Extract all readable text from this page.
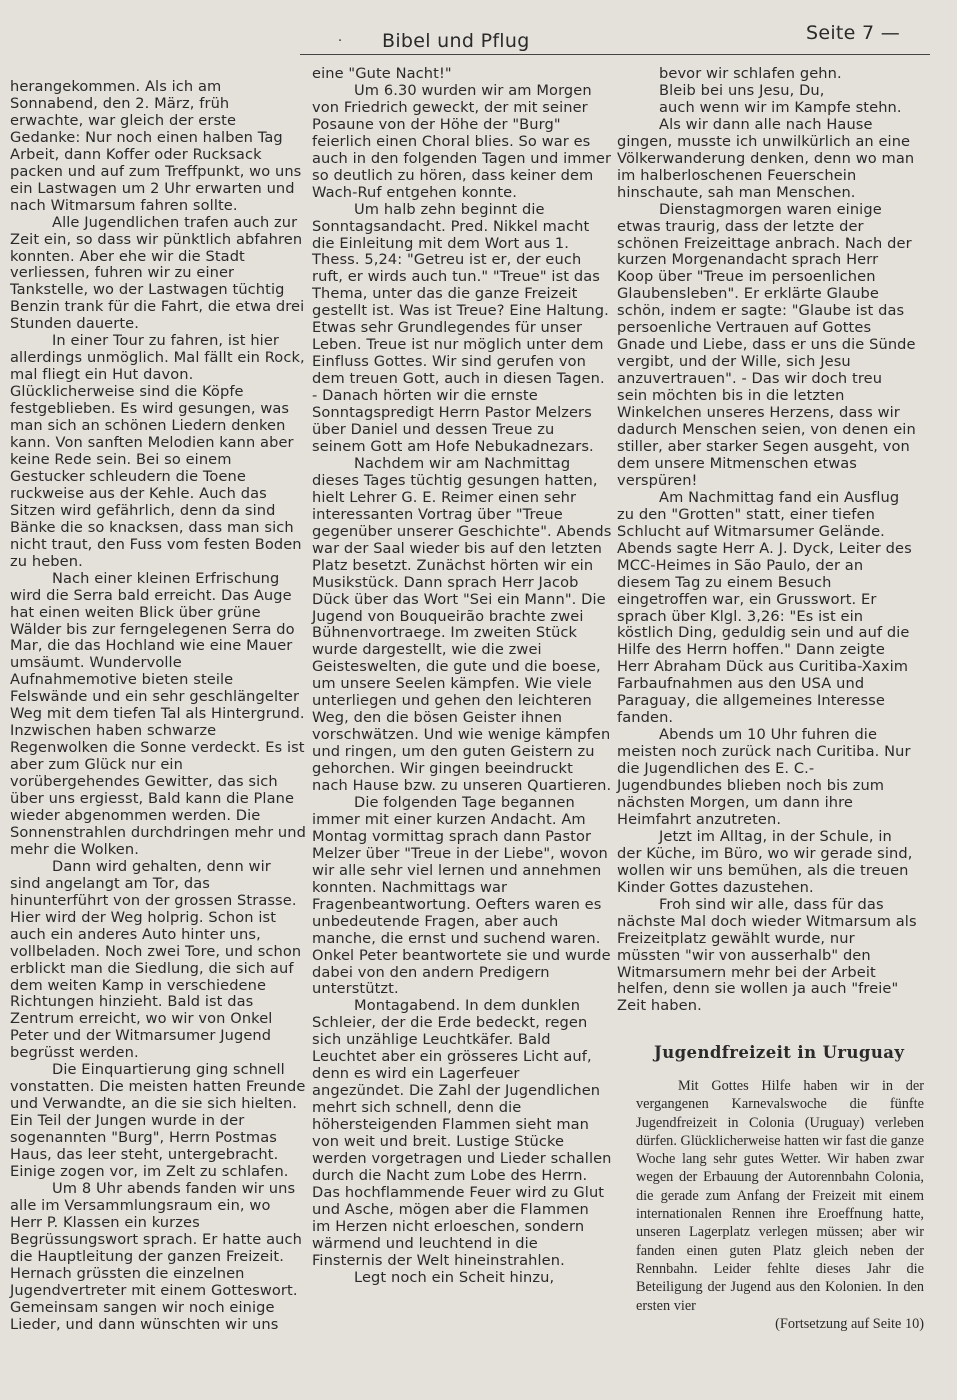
· Bibel und Pflug	Seite 7 —

herangekommen. Als ich am Sonnabend, den 2. März, früh erwachte, war gleich der erste Gedanke: Nur noch einen halben Tag Arbeit, dann Koffer oder Rucksack packen und auf zum Treffpunkt, wo uns ein Lastwagen um 2 Uhr erwarten und nach Witmarsum fahren sollte.

Alle Jugendlichen trafen auch zur Zeit ein, so dass wir pünktlich abfahren konnten. Aber ehe wir die Stadt verliessen, fuhren wir zu einer Tankstelle, wo der Lastwagen tüchtig Benzin trank für die Fahrt, die etwa drei Stunden dauerte.

In einer Tour zu fahren, ist hier allerdings unmöglich. Mal fällt ein Rock, mal fliegt ein Hut davon. Glücklicherweise sind die Köpfe festgeblieben. Es wird gesungen, was man sich an schönen Liedern denken kann. Von sanften Melodien kann aber keine Rede sein. Bei so einem Gestucker schleudern die Toene ruckweise aus der Kehle. Auch das Sitzen wird gefährlich, denn da sind Bänke die so knacksen, dass man sich nicht traut, den Fuss vom festen Boden zu heben.

Nach einer kleinen Erfrischung wird die Serra bald erreicht. Das Auge hat einen weiten Blick über grüne Wälder bis zur ferngelegenen Serra do Mar, die das Hochland wie eine Mauer umsäumt. Wundervolle Aufnahmemotive bieten steile Felswände und ein sehr geschlängelter Weg mit dem tiefen Tal als Hintergrund. Inzwischen haben schwarze Regenwolken die Sonne verdeckt. Es ist aber zum Glück nur ein vorübergehendes Gewitter, das sich über uns ergiesst, Bald kann die Plane wieder abgenommen werden. Die Sonnenstrahlen durchdringen mehr und mehr die Wolken.

Dann wird gehalten, denn wir sind angelangt am Tor, das hinunterführt von der grossen Strasse. Hier wird der Weg holprig. Schon ist auch ein anderes Auto hinter uns, vollbeladen. Noch zwei Tore, und schon erblickt man die Siedlung, die sich auf dem weiten Kamp in verschiedene Richtungen hinzieht. Bald ist das Zentrum erreicht, wo wir von Onkel Peter und der Witmarsumer Jugend begrüsst werden.

Die Einquartierung ging schnell vonstatten. Die meisten hatten Freunde und Verwandte, an die sie sich hielten. Ein Teil der Jungen wurde in der sogenannten "Burg", Herrn Postmas Haus, das leer steht, untergebracht. Einige zogen vor, im Zelt zu schlafen.

Um 8 Uhr abends fanden wir uns alle im Versammlungsraum ein, wo Herr P. Klassen ein kurzes Begrüssungswort sprach. Er hatte auch die Hauptleitung der ganzen Freizeit. Hernach grüssten die einzelnen Jugendvertreter mit einem Gotteswort. Gemeinsam sangen wir noch einige Lieder, und dann wünschten wir uns

eine "Gute Nacht!"

Um 6.30 wurden wir am Morgen von Friedrich geweckt, der mit seiner Posaune von der Höhe der "Burg" feierlich einen Choral blies. So war es auch in den folgenden Tagen und immer so deutlich zu hören, dass keiner dem Wach-Ruf entgehen konnte.

Um halb zehn beginnt die Sonntagsandacht. Pred. Nikkel macht die Einleitung mit dem Wort aus 1. Thess. 5,24: "Getreu ist er, der euch ruft, er wirds auch tun." "Treue" ist das Thema, unter das die ganze Freizeit gestellt ist. Was ist Treue? Eine Haltung. Etwas sehr Grundlegendes für unser Leben. Treue ist nur möglich unter dem Einfluss Gottes. Wir sind gerufen von dem treuen Gott, auch in diesen Tagen. - Danach hörten wir die ernste Sonntagspredigt Herrn Pastor Melzers über Daniel und dessen Treue zu seinem Gott am Hofe Nebukadnezars.

Nachdem wir am Nachmittag dieses Tages tüchtig gesungen hatten, hielt Lehrer G. E. Reimer einen sehr interessanten Vortrag über "Treue gegenüber unserer Geschichte". Abends war der Saal wieder bis auf den letzten Platz besetzt. Zunächst hörten wir ein Musikstück. Dann sprach Herr Jacob Dück über das Wort "Sei ein Mann". Die Jugend von Bouqueirão brachte zwei Bühnenvortraege. Im zweiten Stück wurde dargestellt, wie die zwei Geisteswelten, die gute und die boese, um unsere Seelen kämpfen. Wie viele unterliegen und gehen den leichteren Weg, den die bösen Geister ihnen vorschwätzen. Und wie wenige kämpfen und ringen, um den guten Geistern zu gehorchen. Wir gingen beeindruckt nach Hause bzw. zu unseren Quartieren.

Die folgenden Tage begannen immer mit einer kurzen Andacht. Am Montag vormittag sprach dann Pastor Melzer über "Treue in der Liebe", wovon wir alle sehr viel lernen und annehmen konnten. Nachmittags war Fragenbeantwortung. Oefters waren es unbedeutende Fragen, aber auch manche, die ernst und suchend waren. Onkel Peter beantwortete sie und wurde dabei von den andern Predigern unterstützt.

Montagabend. In dem dunklen Schleier, der die Erde bedeckt, regen sich unzählige Leuchtkäfer. Bald Leuchtet aber ein grösseres Licht auf, denn es wird ein Lagerfeuer angezündet. Die Zahl der Jugendlichen mehrt sich schnell, denn die höhersteigenden Flammen sieht man von weit und breit. Lustige Stücke werden vorgetragen und Lieder schallen durch die Nacht zum Lobe des Herrn. Das hochflammende Feuer wird zu Glut und Asche, mögen aber die Flammen im Herzen nicht erloeschen, sondern wärmend und leuchtend in die Finsternis der Welt hineinstrahlen.

Legt noch ein Scheit hinzu,

bevor wir schlafen gehn.

Bleib bei uns Jesu, Du,

auch wenn wir im Kampfe stehn.

Als wir dann alle nach Hause gingen, musste ich unwilkürlich an eine Völkerwanderung denken, denn wo man im halberloschenen Feuerschein hinschaute, sah man Menschen.

Dienstagmorgen waren einige etwas traurig, dass der letzte der schönen Freizeittage anbrach. Nach der kurzen Morgenandacht sprach Herr Koop über "Treue im persoenlichen Glaubensleben". Er erklärte Glaube schön, indem er sagte: "Glaube ist das persoenliche Vertrauen auf Gottes Gnade und Liebe, dass er uns die Sünde vergibt, und der Wille, sich Jesu anzuvertrauen". - Das wir doch treu sein möchten bis in die letzten Winkelchen unseres Herzens, dass wir dadurch Menschen seien, von denen ein stiller, aber starker Segen ausgeht, von dem unsere Mitmenschen etwas verspüren!

Am Nachmittag fand ein Ausflug zu den "Grotten" statt, einer tiefen Schlucht auf Witmarsumer Gelände. Abends sagte Herr A. J. Dyck, Leiter des MCC-Heimes in São Paulo, der an diesem Tag zu einem Besuch eingetroffen war, ein Grusswort. Er sprach über Klgl. 3,26: "Es ist ein köstlich Ding, geduldig sein und auf die Hilfe des Herrn hoffen." Dann zeigte Herr Abraham Dück aus Curitiba-Xaxim Farbaufnahmen aus den USA und Paraguay, die allgemeines Interesse fanden.

Abends um 10 Uhr fuhren die meisten noch zurück nach Curitiba. Nur die Jugendlichen des E. C.-Jugendbundes blieben noch bis zum nächsten Morgen, um dann ihre Heimfahrt anzutreten.

Jetzt im Alltag, in der Schule, in der Küche, im Büro, wo wir gerade sind, wollen wir uns bemühen, als die treuen Kinder Gottes dazustehen.

Froh sind wir alle, dass für das nächste Mal doch wieder Witmarsum als Freizeitplatz gewählt wurde, nur müssten "wir von ausserhalb" den Witmarsumern mehr bei der Arbeit helfen, denn sie wollen ja auch "freie" Zeit haben.

Jugendfreizeit in Uruguay

Mit Gottes Hilfe haben wir in der vergangenen Karnevalswoche die fünfte Jugendfreizeit in Colonia (Uruguay) verleben dürfen. Glücklicherweise hatten wir fast die ganze Woche lang sehr gutes Wetter. Wir haben zwar wegen der Erbauung der Autorennbahn Colonia, die gerade zum Anfang der Freizeit mit einem internationalen Rennen ihre Eroeffnung hatte, unseren Lagerplatz verlegen müssen; aber wir fanden einen guten Platz gleich neben der Rennbahn. Leider fehlte dieses Jahr die Beteiligung der Jugend aus den Kolonien. In den ersten vier

(Fortsetzung auf Seite 10)
